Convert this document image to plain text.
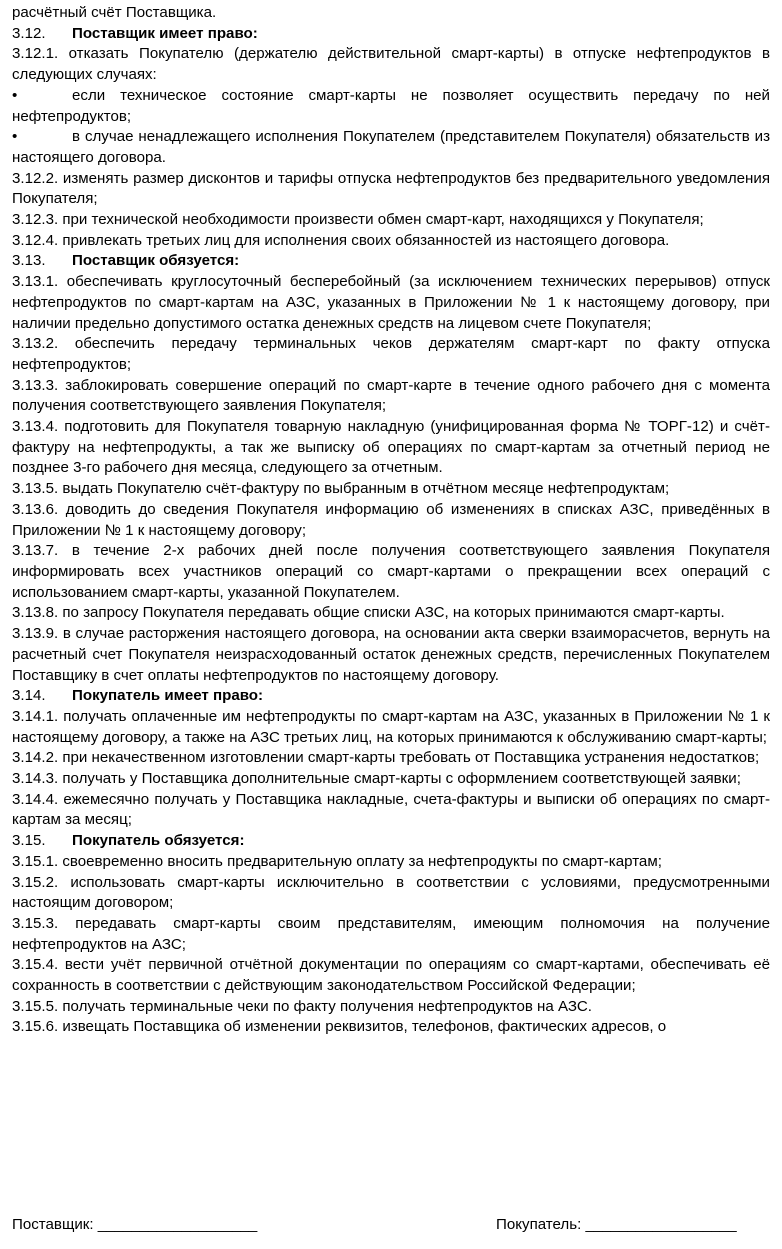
расчётный счёт Поставщика.

3.12.	Поставщик имеет право:

3.12.1. отказать Покупателю (держателю действительной смарт-карты) в отпуске нефтепродуктов в следующих случаях:

•	если техническое состояние смарт-карты не позволяет осуществить передачу по ней нефтепродуктов;
•	в случае ненадлежащего исполнения Покупателем (представителем Покупателя) обязательств из настоящего договора.

3.12.2. изменять размер дисконтов и тарифы отпуска нефтепродуктов без предварительного уведомления Покупателя;

3.12.3. при технической необходимости произвести обмен смарт-карт, находящихся у Покупателя;

3.12.4. привлекать третьих лиц для исполнения своих обязанностей из настоящего договора.

3.13.	Поставщик обязуется:

3.13.1. обеспечивать круглосуточный бесперебойный (за исключением технических перерывов) отпуск нефтепродуктов по смарт-картам на АЗС, указанных в Приложении № 1 к настоящему договору, при наличии предельно допустимого остатка денежных средств на лицевом счете Покупателя;

3.13.2. обеспечить передачу терминальных чеков держателям смарт-карт по факту отпуска нефтепродуктов;

3.13.3. заблокировать совершение операций по смарт-карте в течение одного рабочего дня с момента получения соответствующего заявления Покупателя;

3.13.4. подготовить для Покупателя товарную накладную (унифицированная форма № ТОРГ-12) и счёт-фактуру на нефтепродукты, а так же выписку об операциях по смарт-картам за отчетный период не позднее 3-го рабочего дня месяца, следующего за отчетным.

3.13.5. выдать Покупателю счёт-фактуру по выбранным в отчётном месяце нефтепродуктам;

3.13.6. доводить до сведения Покупателя информацию об изменениях в списках АЗС, приведённых в Приложении № 1 к настоящему договору;

3.13.7. в течение 2-х рабочих дней после получения соответствующего заявления Покупателя информировать всех участников операций со смарт-картами о прекращении всех операций с использованием смарт-карты, указанной Покупателем.

3.13.8. по запросу Покупателя передавать общие списки АЗС, на которых принимаются смарт-карты.

3.13.9. в случае расторжения настоящего договора, на основании акта сверки взаиморасчетов, вернуть на расчетный счет Покупателя неизрасходованный остаток денежных средств, перечисленных Покупателем Поставщику в счет оплаты нефтепродуктов по настоящему договору.

3.14.	Покупатель имеет право:

3.14.1. получать оплаченные им нефтепродукты по смарт-картам на АЗС, указанных в Приложении № 1 к настоящему договору, а также на АЗС третьих лиц, на которых принимаются к обслуживанию смарт-карты;

3.14.2. при некачественном изготовлении смарт-карты требовать от Поставщика устранения недостатков;

3.14.3. получать у Поставщика дополнительные смарт-карты с оформлением соответствующей заявки;

3.14.4. ежемесячно получать у Поставщика накладные, счета-фактуры и выписки об операциях по смарт-картам за месяц;

3.15.	Покупатель обязуется:

3.15.1. своевременно вносить предварительную оплату за нефтепродукты по смарт-картам;

3.15.2. использовать смарт-карты исключительно в соответствии с условиями, предусмотренными настоящим договором;

3.15.3. передавать смарт-карты своим представителям, имеющим полномочия на получение нефтепродуктов на АЗС;

3.15.4. вести учёт первичной отчётной документации по операциям со смарт-картами, обеспечивать её сохранность в соответствии с действующим законодательством Российской Федерации;

3.15.5. получать терминальные чеки по факту получения нефтепродуктов на АЗС.

3.15.6. извещать Поставщика об изменении реквизитов, телефонов, фактических адресов, о

Поставщик: ___________________	Покупатель: __________________
